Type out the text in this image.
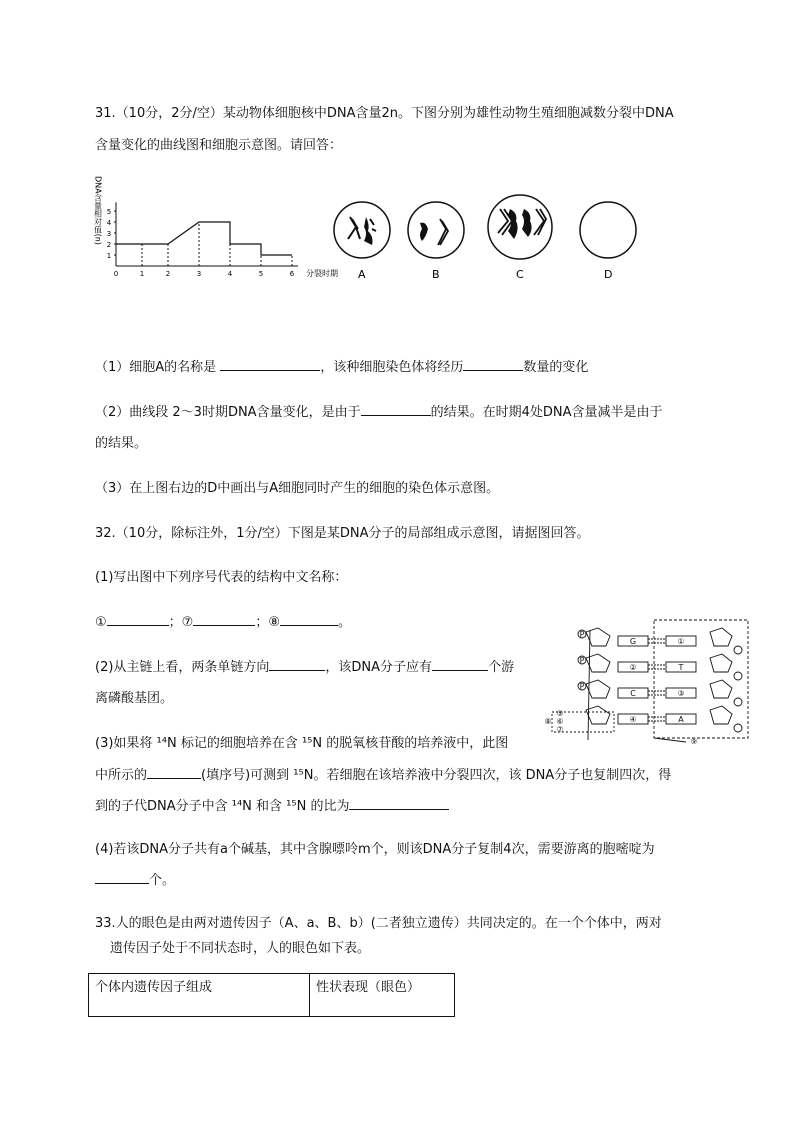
31.（10分，2分/空）某动物体细胞核中DNA含量2n。下图分别为雄性动物生殖细胞减数分裂中DNA
含量变化的曲线图和细胞示意图。请回答：
1
2
3
4
5
0	1	2	3	4	5	6
DNA含量相对值(n)
分裂时期 A	B	C	D
（1）细胞A的名称是	，该种细胞染色体将经历	数量的变化
（2）曲线段 2～3时期DNA含量变化，是由于	的结果。在时期4处DNA含量减半是由于
的结果。
（3）在上图右边的D中画出与A细胞同时产生的细胞的染色体示意图。
32.（10分，除标注外，1分/空）下图是某DNA分子的局部组成示意图，请据图回答。
(1)写出图中下列序号代表的结构中文名称：
①	；⑦	；⑧	。
(2)从主链上看，两条单链方向	，该DNA分子应有	个游
离磷酸基团。
(3)如果将 ¹⁴N 标记的细胞培养在含 ¹⁵N 的脱氧核苷酸的培养液中，此图
中所示的	(填序号)可测到 ¹⁵N。若细胞在该培养液中分裂四次，该 DNA分子也复制四次，得
到的子代DNA分子中含 ¹⁴N 和含 ¹⁵N 的比为
(4)若该DNA分子共有a个碱基，其中含腺嘌呤m个，则该DNA分子复制4次，需要游离的胞嘧啶为
个。
P
P
P
G
②
C
④
①
T
③
A
⑤
⑥
⑦
⑧
⑨
33.人的眼色是由两对遗传因子（A、a、B、b）(二者独立遗传）共同决定的。在一个个体中，两对
遗传因子处于不同状态时，人的眼色如下表。
个体内遗传因子组成	性状表现（眼色）
